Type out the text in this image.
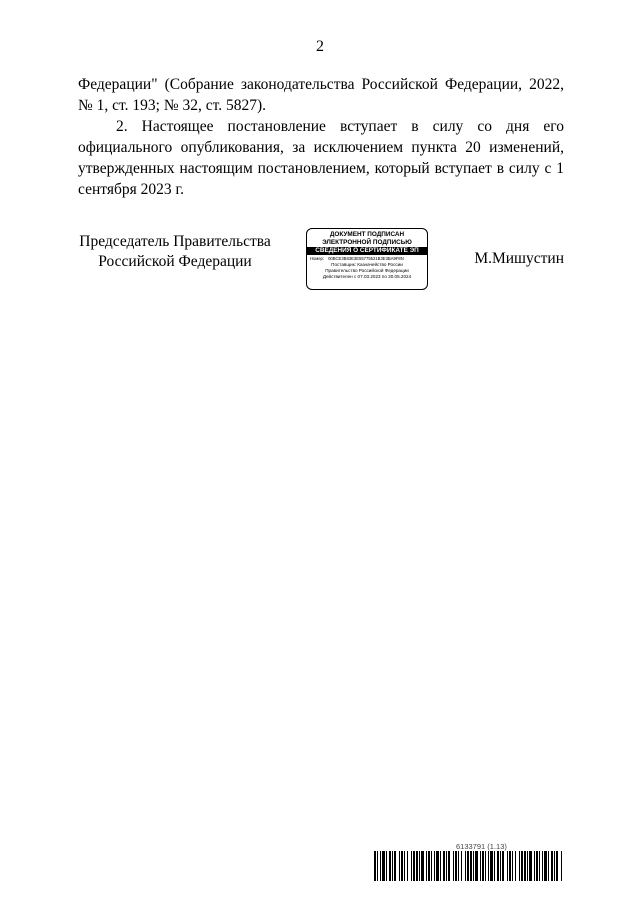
2

Федерации" (Собрание законодательства Российской Федерации, 2022, № 1, ст. 193; № 32, ст. 5827).

2. Настоящее постановление вступает в силу со дня его официального опубликования, за исключением пункта 20 изменений, утвержденных настоящим постановлением, который вступает в силу с 1 сентября 2023 г.

Председатель Правительства
Российской Федерации
ДОКУМЕНТ ПОДПИСАН
ЭЛЕКТРОННОЙ ПОДПИСЬЮ
СВЕДЕНИЯ О СЕРТИФИКАТЕ ЭП
Номер: 00BCE3B83E3E55775521B3E3BA9F8N
Поставщик: Казначейство России
Правительство Российской Федерации
Действителен с 07.03.2023 по 30.05.2024
М.Мишустин
6133791 (1.13)
